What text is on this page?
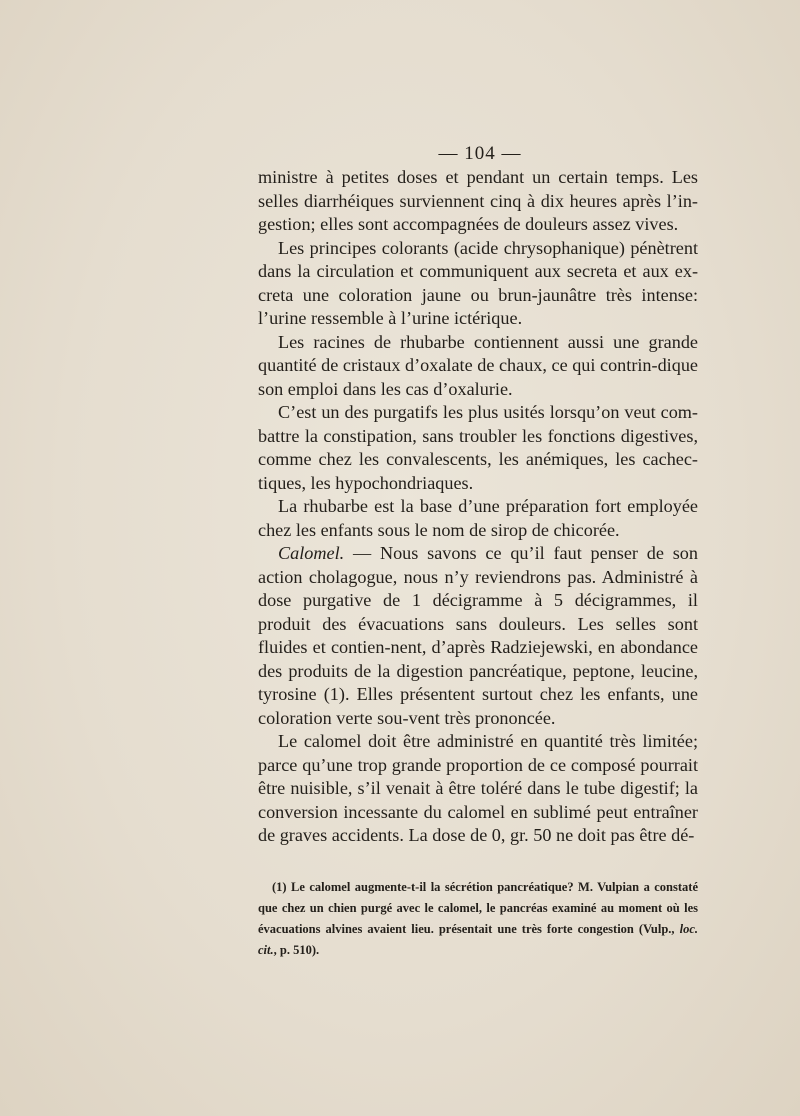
— 104 —

ministre à petites doses et pendant un certain temps. Les selles diarrhéiques surviennent cinq à dix heures après l’in-gestion; elles sont accompagnées de douleurs assez vives.

Les principes colorants (acide chrysophanique) pénètrent dans la circulation et communiquent aux secreta et aux ex-creta une coloration jaune ou brun-jaunâtre très intense: l’urine ressemble à l’urine ictérique.

Les racines de rhubarbe contiennent aussi une grande quantité de cristaux d’oxalate de chaux, ce qui contrin-dique son emploi dans les cas d’oxalurie.

C’est un des purgatifs les plus usités lorsqu’on veut com-battre la constipation, sans troubler les fonctions digestives, comme chez les convalescents, les anémiques, les cachec-tiques, les hypochondriaques.

La rhubarbe est la base d’une préparation fort employée chez les enfants sous le nom de sirop de chicorée.

Calomel. — Nous savons ce qu’il faut penser de son action cholagogue, nous n’y reviendrons pas. Administré à dose purgative de 1 décigramme à 5 décigrammes, il produit des évacuations sans douleurs. Les selles sont fluides et contien-nent, d’après Radziejewski, en abondance des produits de la digestion pancréatique, peptone, leucine, tyrosine (1). Elles présentent surtout chez les enfants, une coloration verte sou-vent très prononcée.

Le calomel doit être administré en quantité très limitée; parce qu’une trop grande proportion de ce composé pourrait être nuisible, s’il venait à être toléré dans le tube digestif; la conversion incessante du calomel en sublimé peut entraîner de graves accidents. La dose de 0, gr. 50 ne doit pas être dé-

(1) Le calomel augmente-t-il la sécrétion pancréatique? M. Vulpian a constaté que chez un chien purgé avec le calomel, le pancréas examiné au moment où les évacuations alvines avaient lieu. présentait une très forte congestion (Vulp., loc. cit., p. 510).
